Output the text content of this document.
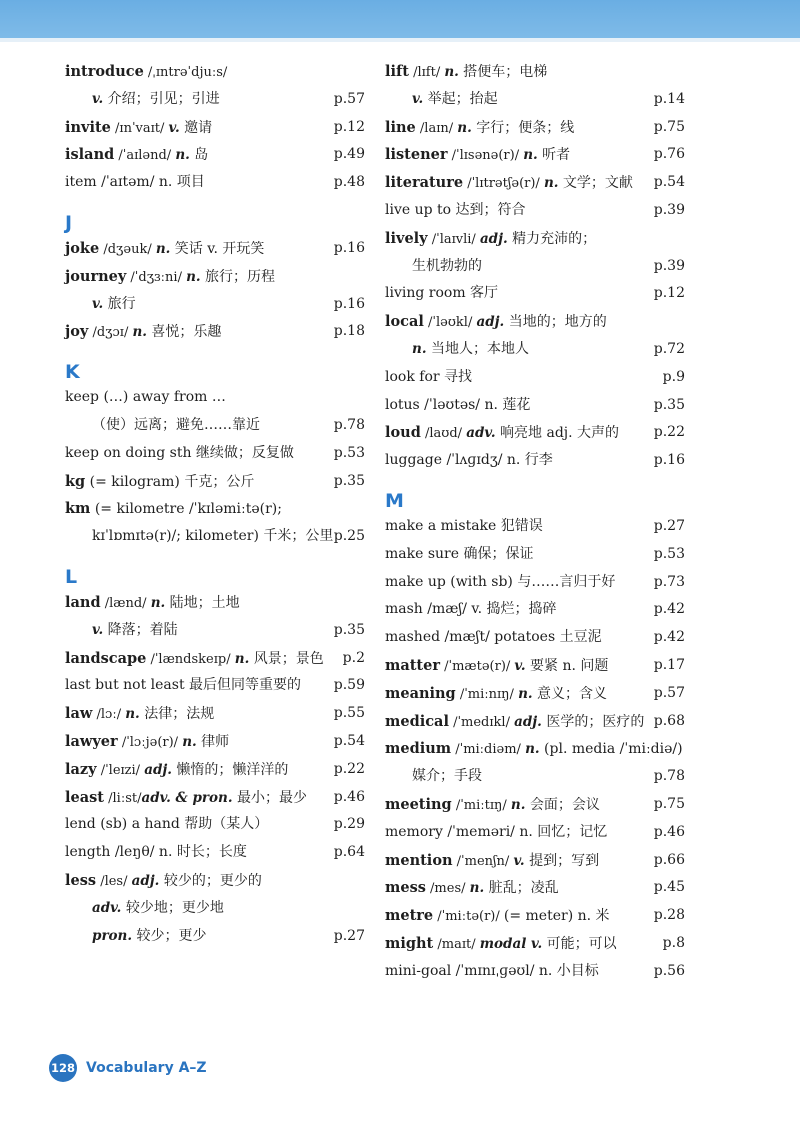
introduce /ˌɪntrəˈdjuːs/
v. 介绍；引见；引进	p.57
invite /ɪnˈvaɪt/ v. 邀请	p.12
island /ˈaɪlənd/ n. 岛	p.49
item /ˈaɪtəm/ n. 项目	p.48
J
joke /dʒəuk/ n. 笑话 v. 开玩笑	p.16
journey /ˈdʒɜːni/ n. 旅行；历程
v. 旅行	p.16
joy /dʒɔɪ/ n. 喜悦；乐趣	p.18
K
keep (…) away from …
（使）远离；避免……靠近	p.78
keep on doing sth 继续做；反复做	p.53
kg (= kilogram) 千克；公斤	p.35
km (= kilometre /ˈkɪləmiːtə(r);
kɪˈlɒmɪtə(r)/; kilometer) 千米；公里 p.25
L
land /lænd/ n. 陆地；土地
v. 降落；着陆	p.35
landscape /ˈlændskeɪp/ n. 风景；景色 p.2
last but not least 最后但同等重要的 p.59
law /lɔː/ n. 法律；法规	p.55
lawyer /ˈlɔːjə(r)/ n. 律师	p.54
lazy /ˈleɪzi/ adj. 懒惰的；懒洋洋的	p.22
least /liːst/adv. & pron. 最小；最少 p.46
lend (sb) a hand 帮助（某人）	p.29
length /leŋθ/ n. 时长；长度	p.64
less /les/ adj. 较少的；更少的
adv. 较少地；更少地
pron. 较少；更少	p.27
lift /lɪft/ n. 搭便车；电梯
v. 举起；抬起	p.14
line /laɪn/ n. 字行；便条；线	p.75
listener /ˈlɪsənə(r)/ n. 听者	p.76
literature /ˈlɪtrətʃə(r)/ n. 文学；文献 p.54
live up to 达到；符合	p.39
lively /ˈlaɪvli/ adj. 精力充沛的；
生机勃勃的	p.39
living room 客厅	p.12
local /ˈləʊkl/ adj. 当地的；地方的
n. 当地人；本地人	p.72
look for 寻找	p.9
lotus /ˈləʊtəs/ n. 莲花	p.35
loud /laʊd/ adv. 响亮地 adj. 大声的 p.22
luggage /ˈlʌɡɪdʒ/ n. 行李	p.16
M
make a mistake 犯错误	p.27
make sure 确保；保证	p.53
make up (with sb) 与……言归于好	p.73
mash /mæʃ/ v. 捣烂；捣碎	p.42
mashed /mæʃt/ potatoes 土豆泥	p.42
matter /ˈmætə(r)/ v. 要紧 n. 问题	p.17
meaning /ˈmiːnɪŋ/ n. 意义；含义	p.57
medical /ˈmedɪkl/ adj. 医学的；医疗的 p.68
medium /ˈmiːdiəm/ n. (pl. media /ˈmiːdiə/)
媒介；手段	p.78
meeting /ˈmiːtɪŋ/ n. 会面；会议	p.75
memory /ˈmeməri/ n. 回忆；记忆	p.46
mention /ˈmenʃn/ v. 提到；写到	p.66
mess /mes/ n. 脏乱；凌乱	p.45
metre /ˈmiːtə(r)/ (= meter) n. 米	p.28
might /maɪt/ modal v. 可能；可以	p.8
mini-goal /ˈmɪnɪˌɡəʊl/ n. 小目标	p.56
128 Vocabulary A–Z
